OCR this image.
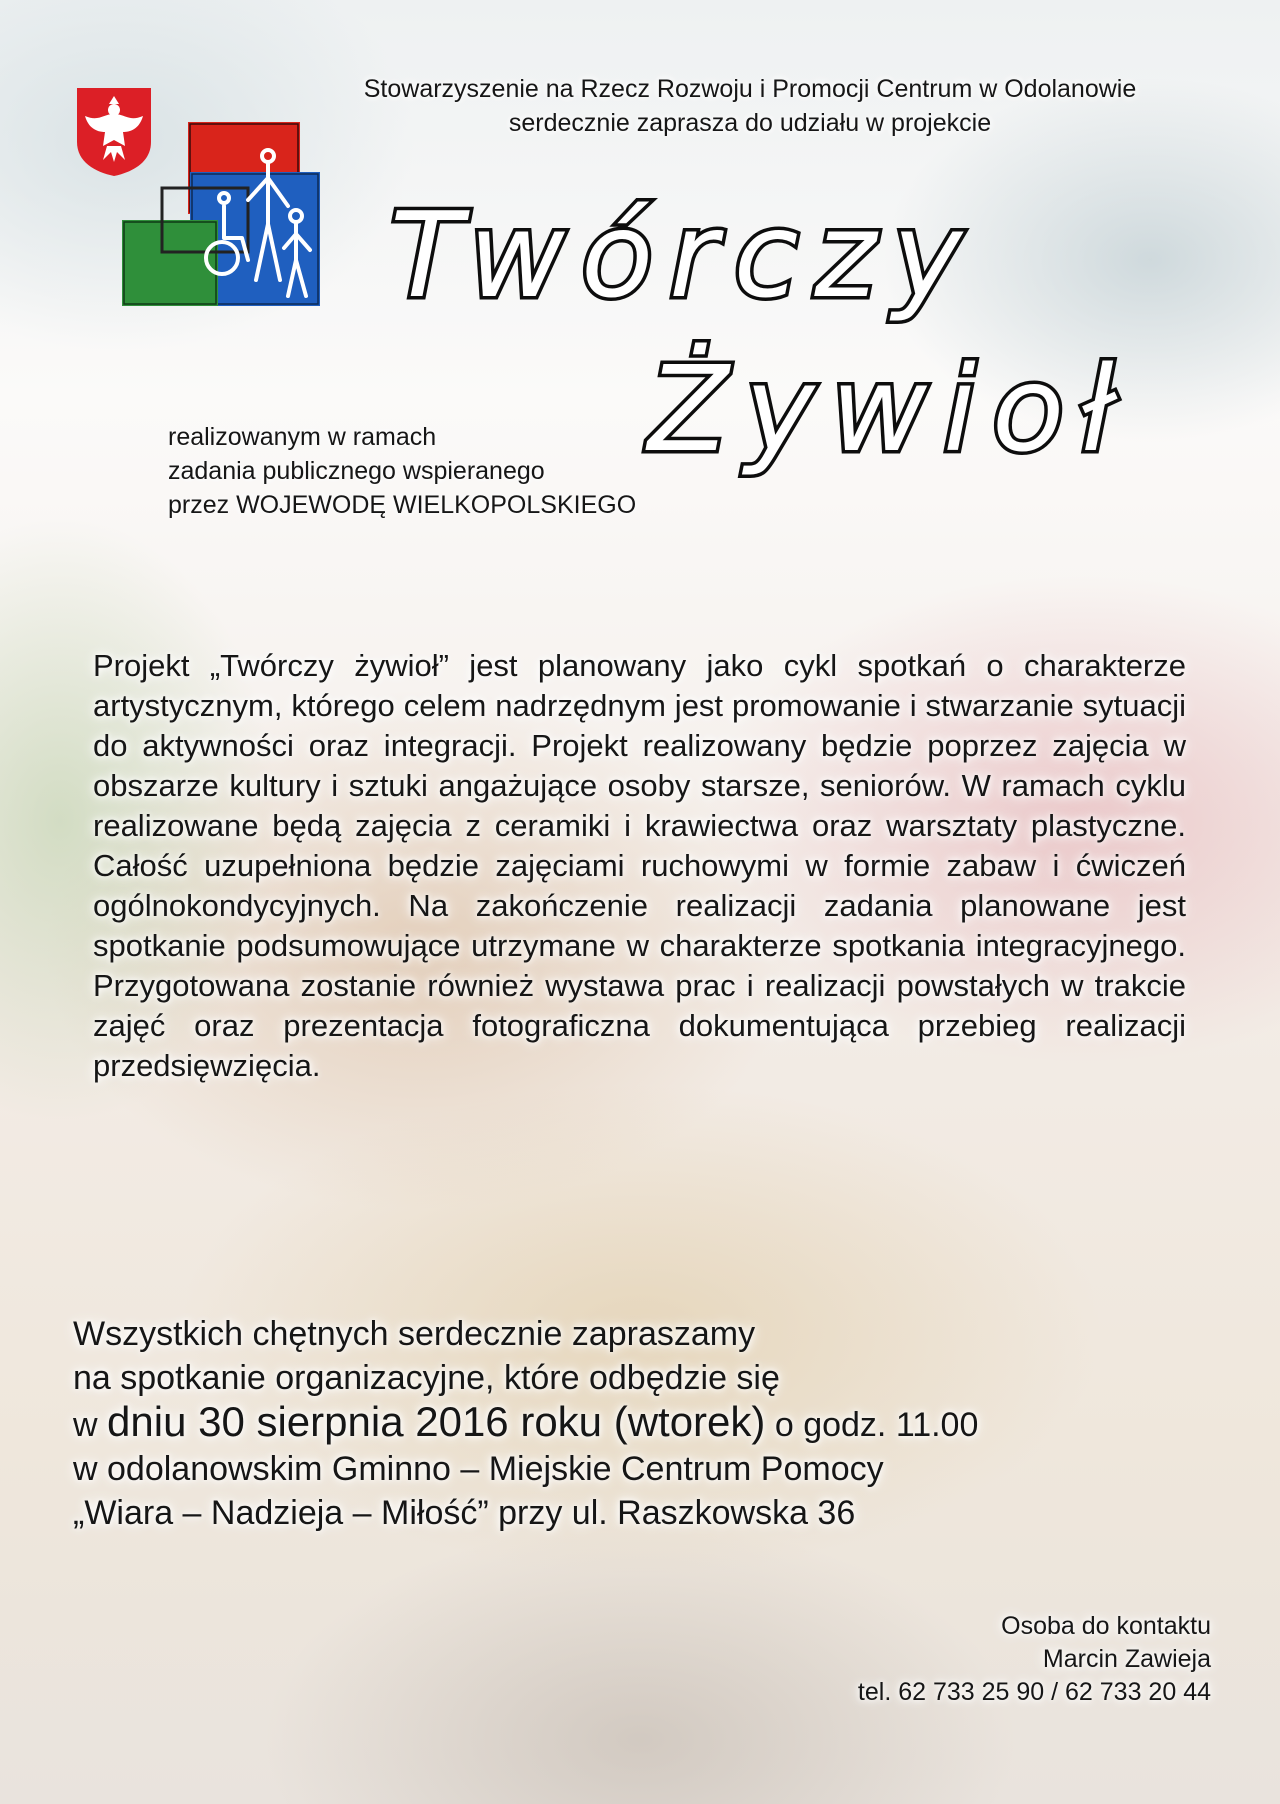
Stowarzyszenie na Rzecz Rozwoju i Promocji Centrum w Odolanowie
serdecznie zaprasza do udziału w projekcie
Twórczy
Żywioł
realizowanym w ramach
zadania publicznego wspieranego
przez WOJEWODĘ WIELKOPOLSKIEGO
Projekt „Twórczy żywioł” jest planowany jako cykl spotkań o charakterze artystycznym, którego celem nadrzędnym jest promowanie i stwarzanie sytuacji do aktywności oraz integracji. Projekt realizowany będzie poprzez zajęcia w obszarze kultury i sztuki angażujące osoby starsze, seniorów. W ramach cyklu realizowane będą zajęcia z ceramiki i krawiectwa oraz warsztaty plastyczne. Całość uzupełniona będzie zajęciami ruchowymi w formie zabaw i ćwiczeń ogólnokondycyjnych. Na zakończenie realizacji zadania planowane jest spotkanie podsumowujące utrzymane w charakterze spotkania integracyjnego. Przygotowana zostanie również wystawa prac i realizacji powstałych w trakcie zajęć oraz prezentacja fotograficzna dokumentująca przebieg realizacji przedsięwzięcia.
Wszystkich chętnych serdecznie zapraszamy
na spotkanie organizacyjne, które odbędzie się
w dniu 30 sierpnia 2016 roku (wtorek) o godz. 11.00
w odolanowskim Gminno – Miejskie Centrum Pomocy
„Wiara – Nadzieja – Miłość” przy ul. Raszkowska 36
Osoba do kontaktu
Marcin Zawieja
tel. 62 733 25 90 / 62 733 20 44
